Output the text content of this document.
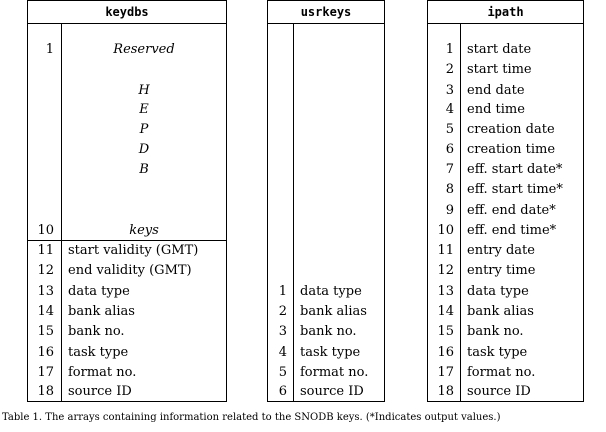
keydbs
1	Reserved
H
E
P
D
B
10	keys
11 start validity (GMT)
12 end validity (GMT)
13 data type
14 bank alias
15 bank no.
16 task type
17 format no.
18 source ID
usrkeys
1 data type
2 bank alias
3 bank no.
4 task type
5 format no.
6 source ID
ipath
1 start date
2 start time
3 end date
4 end time
5 creation date
6 creation time
7 eff. start date*
8 eff. start time*
9 eff. end date*
10 eff. end time*
11 entry date
12 entry time
13 data type
14 bank alias
15 bank no.
16 task type
17 format no.
18 source ID
Table 1. The arrays containing information related to the SNODB keys. (*Indicates output values.)
